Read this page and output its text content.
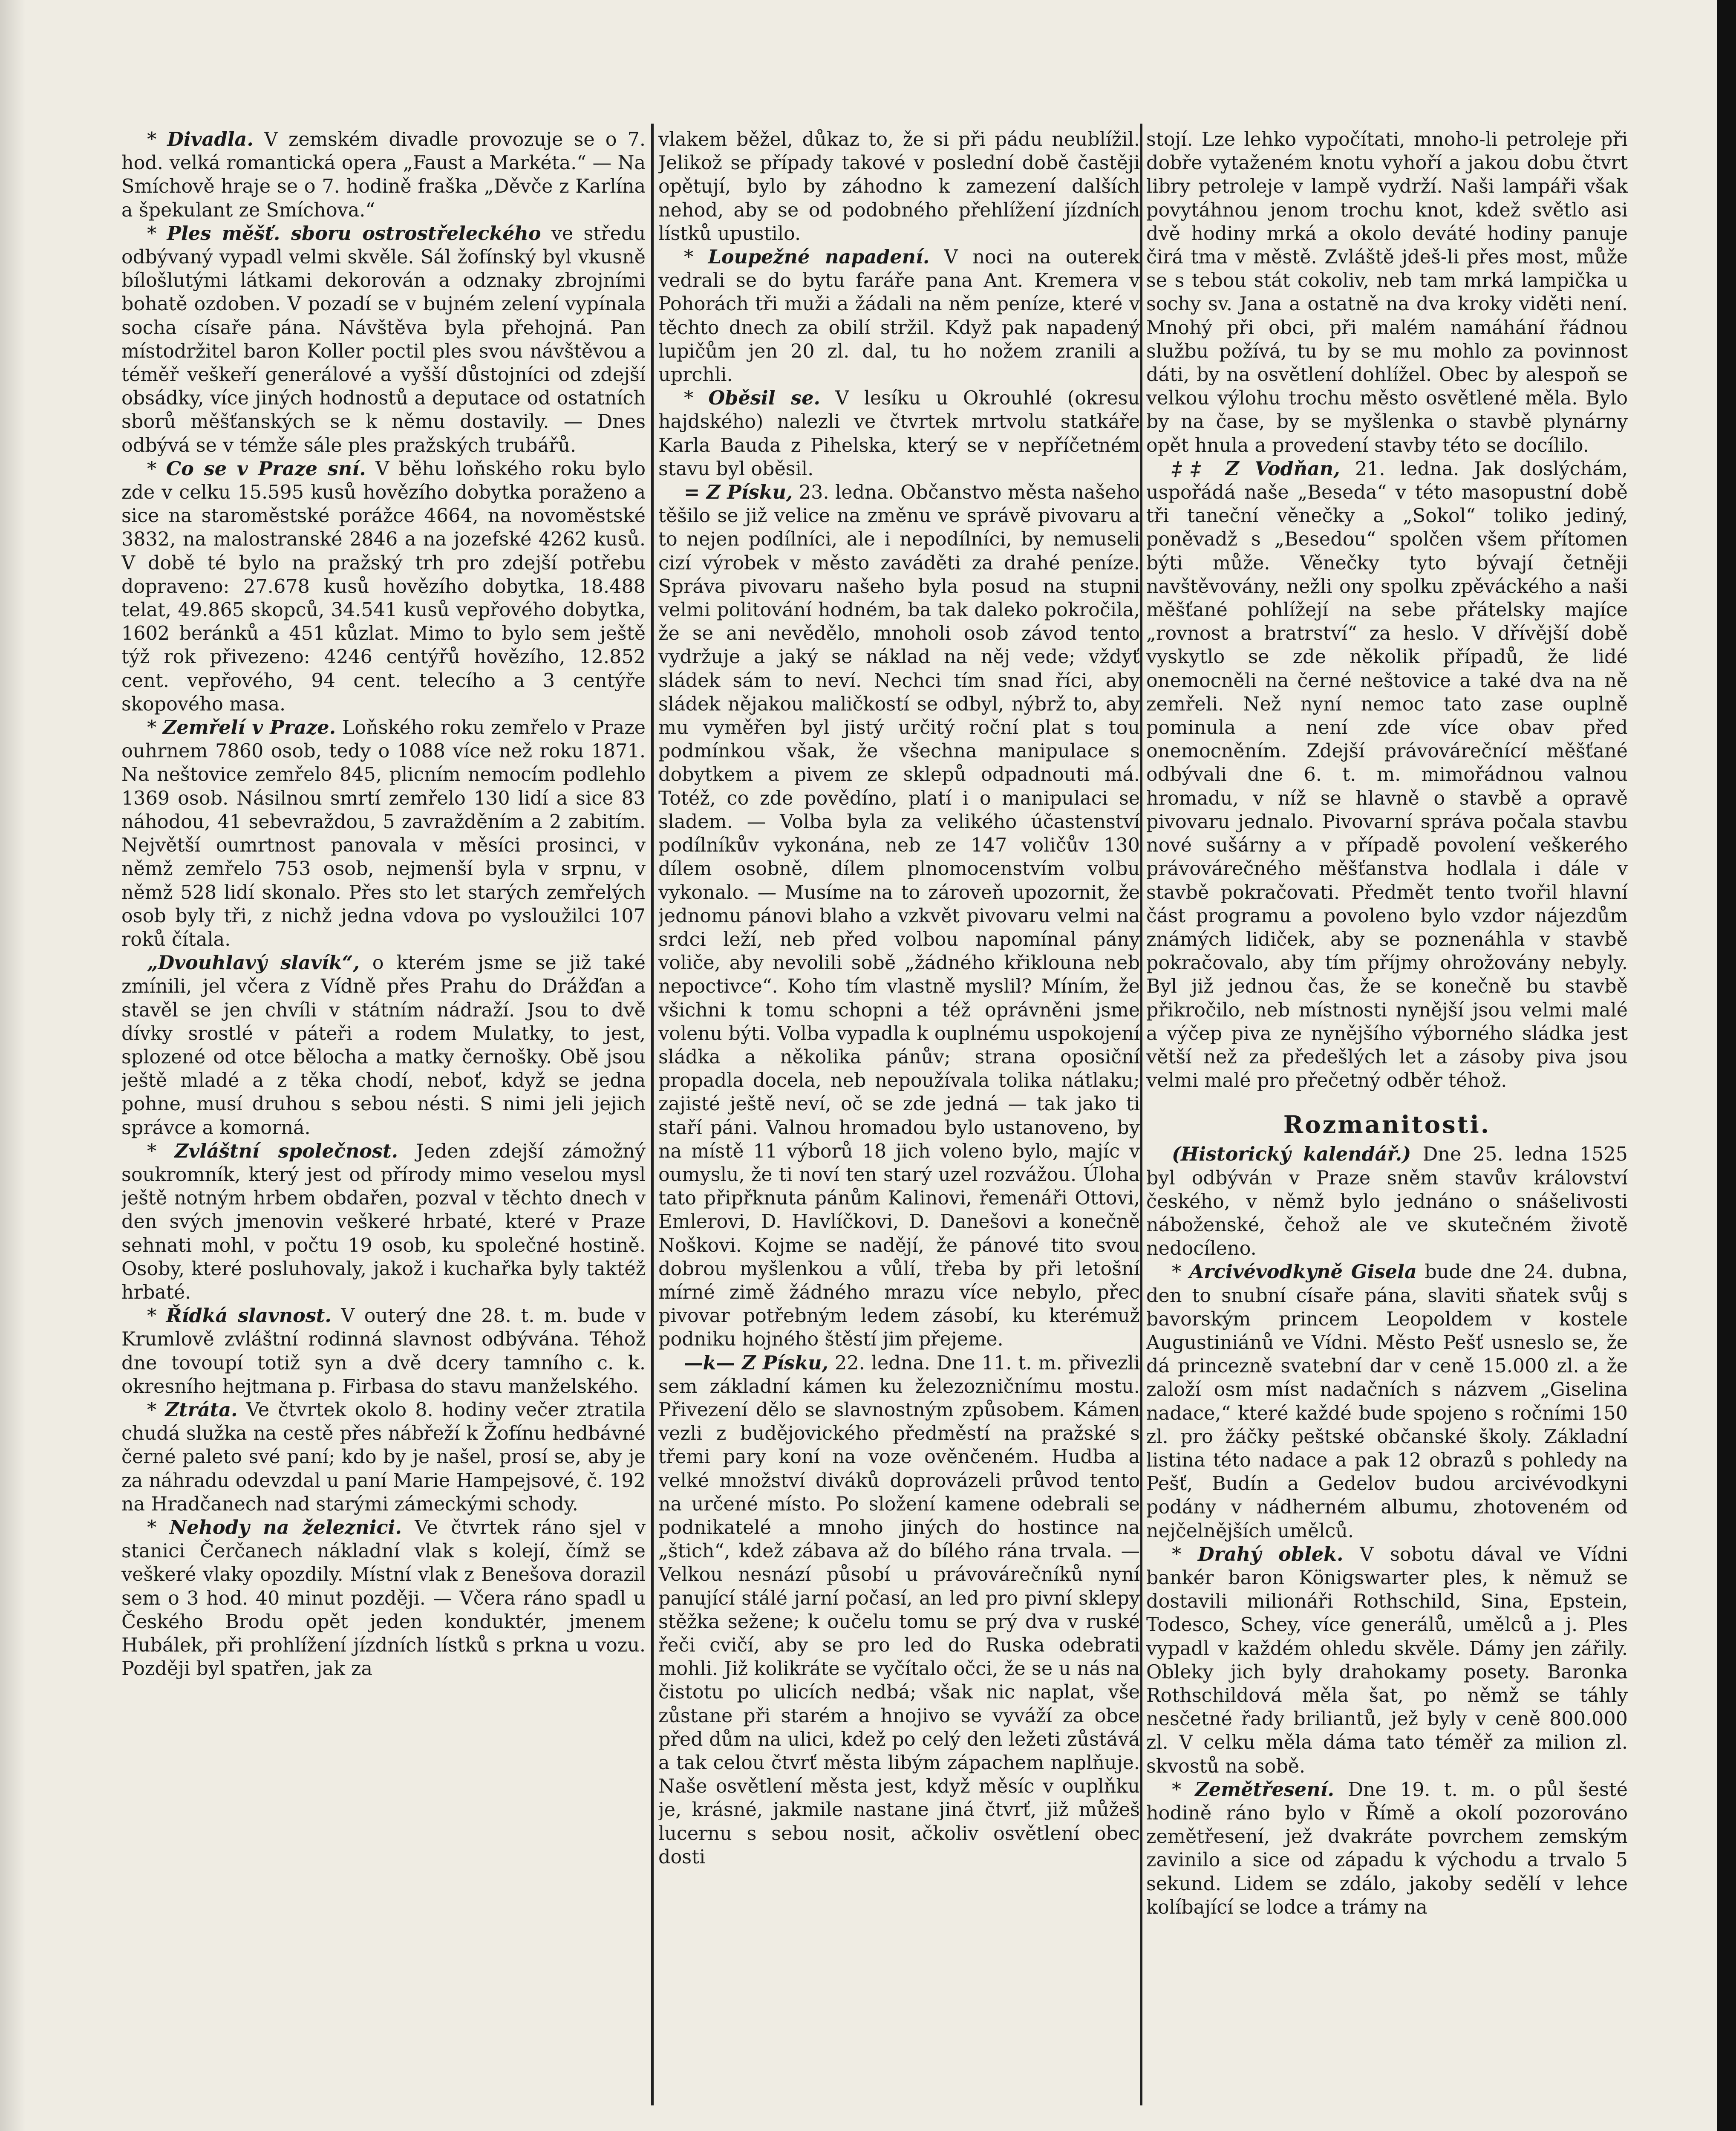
* Divadla. V zemském divadle provozuje se o 7. hod. velká romantická opera „Faust a Markéta.“ — Na Smíchově hraje se o 7. hodině fraška „Děvče z Karlína a špekulant ze Smíchova.“

* Ples měšť. sboru ostrostřeleckého ve středu odbývaný vypadl velmi skvěle. Sál žofínský byl vkusně bílošlutými látkami dekorován a odznaky zbrojními bohatě ozdoben. V pozadí se v bujném zelení vypínala socha císaře pána. Návštěva byla přehojná. Pan místodržitel baron Koller poctil ples svou návštěvou a téměř veškeří generálové a vyšší důstojníci od zdejší obsádky, více jiných hodnostů a deputace od ostatních sborů měšťanských se k němu dostavily. — Dnes odbývá se v témže sále ples pražských trubářů.

* Co se v Praze sní. V běhu loňského roku bylo zde v celku 15.595 kusů hovězího dobytka poraženo a sice na staroměstské porážce 4664, na novoměstské 3832, na malostranské 2846 a na jozefské 4262 kusů. V době té bylo na pražský trh pro zdejší potřebu dopraveno: 27.678 kusů hovězího dobytka, 18.488 telat, 49.865 skopců, 34.541 kusů vepřového dobytka, 1602 beránků a 451 kůzlat. Mimo to bylo sem ještě týž rok přivezeno: 4246 centýřů hovězího, 12.852 cent. vepřového, 94 cent. telecího a 3 centýře skopového masa.

* Zemřelí v Praze. Loňského roku zemřelo v Praze ouhrnem 7860 osob, tedy o 1088 více než roku 1871. Na neštovice zemřelo 845, plicním nemocím podlehlo 1369 osob. Násilnou smrtí zemřelo 130 lidí a sice 83 náhodou, 41 sebevraždou, 5 zavražděním a 2 zabitím. Největší oumrtnost panovala v měsíci prosinci, v němž zemřelo 753 osob, nejmenší byla v srpnu, v němž 528 lidí skonalo. Přes sto let starých zemřelých osob byly tři, z nichž jedna vdova po vysloužilci 107 roků čítala.

„Dvouhlavý slavík“, o kterém jsme se již také zmínili, jel včera z Vídně přes Prahu do Drážďan a stavěl se jen chvíli v státním nádraží. Jsou to dvě dívky srostlé v páteři a rodem Mulatky, to jest, splozené od otce bělocha a matky černošky. Obě jsou ještě mladé a z těka chodí, neboť, když se jedna pohne, musí druhou s sebou nésti. S nimi jeli jejich správce a komorná.

* Zvláštní společnost. Jeden zdejší zámožný soukromník, který jest od přírody mimo veselou mysl ještě notným hrbem obdařen, pozval v těchto dnech v den svých jmenovin veškeré hrbaté, které v Praze sehnati mohl, v počtu 19 osob, ku společné hostině. Osoby, které posluhovaly, jakož i kuchařka byly taktéž hrbaté.

* Řídká slavnost. V outerý dne 28. t. m. bude v Krumlově zvláštní rodinná slavnost odbývána. Téhož dne tovoupí totiž syn a dvě dcery tamního c. k. okresního hejtmana p. Firbasa do stavu manželského.

* Ztráta. Ve čtvrtek okolo 8. hodiny večer ztratila chudá služka na cestě přes nábřeží k Žofínu hedbávné černé paleto své paní; kdo by je našel, prosí se, aby je za náhradu odevzdal u paní Marie Hampejsové, č. 192 na Hradčanech nad starými zámeckými schody.

* Nehody na železnici. Ve čtvrtek ráno sjel v stanici Čerčanech nákladní vlak s kolejí, čímž se veškeré vlaky opozdily. Místní vlak z Benešova dorazil sem o 3 hod. 40 minut později. — Včera ráno spadl u Českého Brodu opět jeden konduktér, jmenem Hubálek, při prohlížení jízdních lístků s prkna u vozu. Později byl spatřen, jak za

vlakem běžel, důkaz to, že si při pádu neublížil. Jelikož se případy takové v poslední době častěji opětují, bylo by záhodno k zamezení dalších nehod, aby se od podobného přehlížení jízdních lístků upustilo.

* Loupežné napadení. V noci na outerek vedrali se do bytu faráře pana Ant. Kremera v Pohorách tři muži a žádali na něm peníze, které v těchto dnech za obilí stržil. Když pak napadený lupičům jen 20 zl. dal, tu ho nožem zranili a uprchli.

* Oběsil se. V lesíku u Okrouhlé (okresu hajdského) nalezli ve čtvrtek mrtvolu statkáře Karla Bauda z Pihelska, který se v nepříčetném stavu byl oběsil.

= Z Písku, 23. ledna. Občanstvo města našeho těšilo se již velice na změnu ve správě pivovaru a to nejen podílníci, ale i nepodílníci, by nemuseli cizí výrobek v město zaváděti za drahé peníze. Správa pivovaru našeho byla posud na stupni velmi politování hodném, ba tak daleko pokročila, že se ani nevědělo, mnoholi osob závod tento vydržuje a jaký se náklad na něj vede; vždyť sládek sám to neví. Nechci tím snad říci, aby sládek nějakou maličkostí se odbyl, nýbrž to, aby mu vyměřen byl jistý určitý roční plat s tou podmínkou však, že všechna manipulace s dobytkem a pivem ze sklepů odpadnouti má. Totéž, co zde povědíno, platí i o manipulaci se sladem. — Volba byla za velikého účastenství podílníkův vykonána, neb ze 147 voličův 130 dílem osobně, dílem plnomocenstvím volbu vykonalo. — Musíme na to zároveň upozornit, že jednomu pánovi blaho a vzkvět pivovaru velmi na srdci leží, neb před volbou napomínal pány voliče, aby nevolili sobě „žádného křiklouna neb nepoctivce“. Koho tím vlastně myslil? Míním, že všichni k tomu schopni a též oprávněni jsme volenu býti. Volba vypadla k ouplnému uspokojení sládka a několika pánův; strana oposiční propadla docela, neb nepoužívala tolika nátlaku; zajisté ještě neví, oč se zde jedná — tak jako ti staří páni. Valnou hromadou bylo ustanoveno, by na místě 11 výborů 18 jich voleno bylo, majíc v oumyslu, že ti noví ten starý uzel rozvážou. Úloha tato připřknuta pánům Kalinovi, řemenáři Ottovi, Emlerovi, D. Havlíčkovi, D. Danešovi a konečně Noškovi. Kojme se nadějí, že pánové tito svou dobrou myšlenkou a vůlí, třeba by při letošní mírné zimě žádného mrazu více nebylo, přec pivovar potřebným ledem zásobí, ku kterémuž podniku hojného štěstí jim přejeme.

—k— Z Písku, 22. ledna. Dne 11. t. m. přivezli sem základní kámen ku železozničnímu mostu. Přivezení dělo se slavnostným způsobem. Kámen vezli z budějovického předměstí na pražské s třemi pary koní na voze ověnčeném. Hudba a velké množství diváků doprovázeli průvod tento na určené místo. Po složení kamene odebrali se podnikatelé a mnoho jiných do hostince na „štich“, kdež zábava až do bílého rána trvala. — Velkou nesnází působí u právovárečníků nyní panující stálé jarní počasí, an led pro pivní sklepy stěžka sežene; k oučelu tomu se prý dva v ruské řeči cvičí, aby se pro led do Ruska odebrati mohli. Již kolikráte se vyčítalo očci, že se u nás na čistotu po ulicích nedbá; však nic naplat, vše zůstane při starém a hnojivo se vyváží za obce před dům na ulici, kdež po celý den ležeti zůstává a tak celou čtvrť města libým zápachem naplňuje. Naše osvětlení města jest, když měsíc v ouplňku je, krásné, jakmile nastane jiná čtvrť, již můžeš lucernu s sebou nosit, ačkoliv osvětlení obec dosti

stojí. Lze lehko vypočítati, mnoho-li petroleje při dobře vytaženém knotu vyhoří a jakou dobu čtvrt libry petroleje v lampě vydrží. Naši lampáři však povytáhnou jenom trochu knot, kdež světlo asi dvě hodiny mrká a okolo deváté hodiny panuje čirá tma v městě. Zvláště jdeš-li přes most, může se s tebou stát cokoliv, neb tam mrká lampička u sochy sv. Jana a ostatně na dva kroky viděti není. Mnohý při obci, při malém namáhání řádnou službu požívá, tu by se mu mohlo za povinnost dáti, by na osvětlení dohlížel. Obec by alespoň se velkou výlohu trochu město osvětlené měla. Bylo by na čase, by se myšlenka o stavbě plynárny opět hnula a provedení stavby této se docílilo.

‡‡ Z Vodňan, 21. ledna. Jak doslýchám, uspořádá naše „Beseda“ v této masopustní době tři taneční věnečky a „Sokol“ toliko jediný, poněvadž s „Besedou“ spolčen všem přítomen býti může. Věnečky tyto bývají četněji navštěvovány, nežli ony spolku zpěváckého a naši měšťané pohlížejí na sebe přátelsky majíce „rovnost a bratrství“ za heslo. V dřívější době vyskytlo se zde několik případů, že lidé onemocněli na černé neštovice a také dva na ně zemřeli. Než nyní nemoc tato zase ouplně pominula a není zde více obav před onemocněním. Zdejší právovárečnící měšťané odbývali dne 6. t. m. mimořádnou valnou hromadu, v níž se hlavně o stavbě a opravě pivovaru jednalo. Pivovarní správa počala stavbu nové sušárny a v případě povolení veškerého právovárečného měšťanstva hodlala i dále v stavbě pokračovati. Předmět tento tvořil hlavní část programu a povoleno bylo vzdor nájezdům známých lidiček, aby se poznenáhla v stavbě pokračovalo, aby tím příjmy ohrožovány nebyly. Byl již jednou čas, že se konečně bu stavbě přikročilo, neb místnosti nynější jsou velmi malé a výčep piva ze nynějšího výborného sládka jest větší než za předešlých let a zásoby piva jsou velmi malé pro přečetný odběr téhož.

Rozmanitosti.

(Historický kalendář.) Dne 25. ledna 1525 byl odbýván v Praze sněm stavův království českého, v němž bylo jednáno o snášelivosti náboženské, čehož ale ve skutečném životě nedocíleno.

* Arcivévodkyně Gisela bude dne 24. dubna, den to snubní císaře pána, slaviti sňatek svůj s bavorským princem Leopoldem v kostele Augustiniánů ve Vídni. Město Pešť usneslo se, že dá princezně svatební dar v ceně 15.000 zl. a že založí osm míst nadačních s názvem „Giselina nadace,“ které každé bude spojeno s ročními 150 zl. pro žáčky peštské občanské školy. Základní listina této nadace a pak 12 obrazů s pohledy na Pešť, Budín a Gedelov budou arcivévodkyni podány v nádherném albumu, zhotoveném od nejčelnějších umělců.

* Drahý oblek. V sobotu dával ve Vídni bankér baron Königswarter ples, k němuž se dostavili milionáři Rothschild, Sina, Epstein, Todesco, Schey, více generálů, umělců a j. Ples vypadl v každém ohledu skvěle. Dámy jen zářily. Obleky jich byly drahokamy posety. Baronka Rothschildová měla šat, po němž se táhly nesčetné řady briliantů, jež byly v ceně 800.000 zl. V celku měla dáma tato téměř za milion zl. skvostů na sobě.

* Zemětřesení. Dne 19. t. m. o půl šesté hodině ráno bylo v Římě a okolí pozorováno zemětřesení, jež dvakráte povrchem zemským zavinilo a sice od západu k východu a trvalo 5 sekund. Lidem se zdálo, jakoby sedělí v lehce kolíbající se lodce a trámy na
